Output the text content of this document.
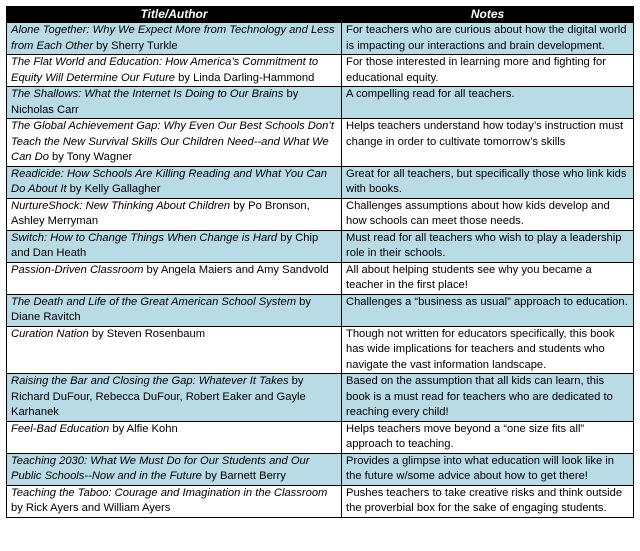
Title/Author	Notes
Alone Together: Why We Expect More from Technology and Less from Each Other by Sherry Turkle	For teachers who are curious about how the digital world is impacting our interactions and brain development.
The Flat World and Education: How America’s Commitment to Equity Will Determine Our Future by Linda Darling-Hammond	For those interested in learning more and fighting for educational equity.
The Shallows: What the Internet Is Doing to Our Brains by Nicholas Carr	A compelling read for all teachers.
The Global Achievement Gap: Why Even Our Best Schools Don’t Teach the New Survival Skills Our Children Need--and What We Can Do by Tony Wagner	Helps teachers understand how today’s instruction must change in order to cultivate tomorrow’s skills
Readicide: How Schools Are Killing Reading and What You Can Do About It by Kelly Gallagher	Great for all teachers, but specifically those who link kids with books.
NurtureShock: New Thinking About Children by Po Bronson, Ashley Merryman	Challenges assumptions about how kids develop and how schools can meet those needs.
Switch: How to Change Things When Change is Hard by Chip and Dan Heath	Must read for all teachers who wish to play a leadership role in their schools.
Passion-Driven Classroom by Angela Maiers and Amy Sandvold	All about helping students see why you became a teacher in the first place!
The Death and Life of the Great American School System by Diane Ravitch	Challenges a “business as usual” approach to education.
Curation Nation by Steven Rosenbaum	Though not written for educators specifically, this book has wide implications for teachers and students who navigate the vast information landscape.
Raising the Bar and Closing the Gap: Whatever It Takes by Richard DuFour, Rebecca DuFour, Robert Eaker and Gayle Karhanek	Based on the assumption that all kids can learn, this book is a must read for teachers who are dedicated to reaching every child!
Feel-Bad Education by Alfie Kohn	Helps teachers move beyond a “one size fits all” approach to teaching.
Teaching 2030: What We Must Do for Our Students and Our Public Schools--Now and in the Future by Barnett Berry	Provides a glimpse into what education will look like in the future w/some advice about how to get there!
Teaching the Taboo: Courage and Imagination in the Classroom by Rick Ayers and William Ayers	Pushes teachers to take creative risks and think outside the proverbial box for the sake of engaging students.
